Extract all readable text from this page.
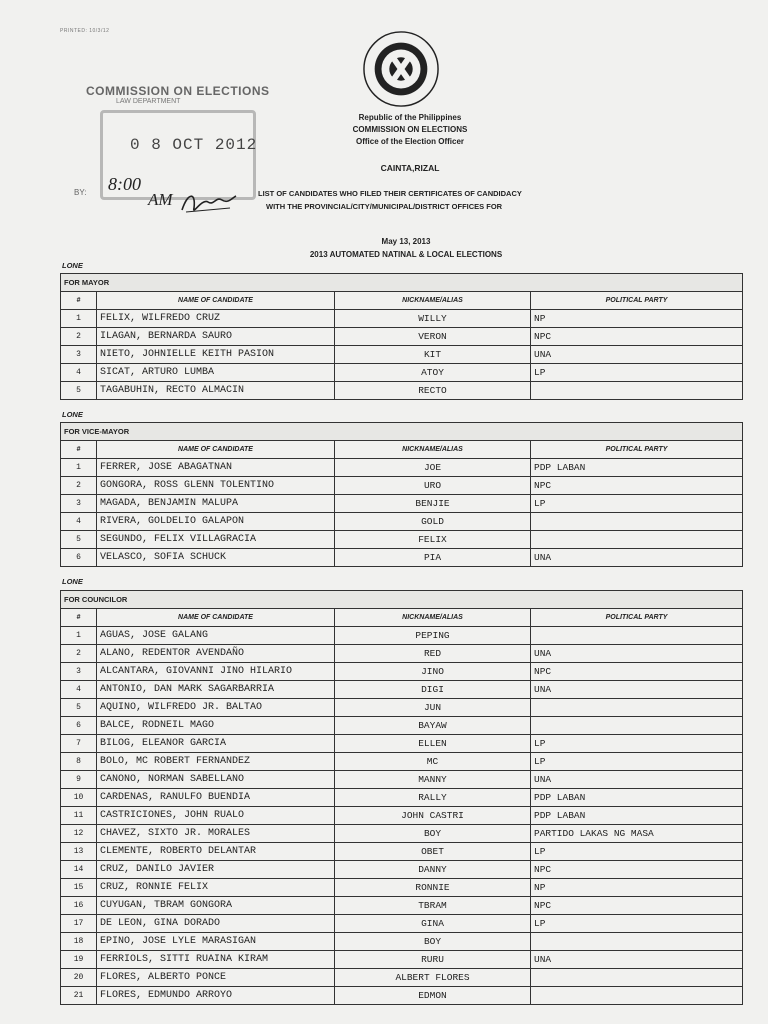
PRINTED: 10/3/12
Republic of the Philippines
COMMISSION ON ELECTIONS
Office of the Election Officer
CAINTA,RIZAL
COMMISSION ON ELECTIONS
LAW DEPARTMENT
0 8 OCT 2012
8:00
BY:	AM	LIST OF CANDIDATES WHO FILED THEIR CERTIFICATES OF CANDIDACY
WITH THE PROVINCIAL/CITY/MUNICIPAL/DISTRICT OFFICES FOR
May 13, 2013
2013 AUTOMATED NATINAL & LOCAL ELECTIONS
LONE
FOR MAYOR			
#	NAME OF CANDIDATE	NICKNAME/ALIAS	POLITICAL PARTY
1	FELIX, WILFREDO CRUZ	WILLY	NP
2	ILAGAN, BERNARDA SAURO	VERON	NPC
3	NIETO, JOHNIELLE KEITH PASION	KIT	UNA
4	SICAT, ARTURO LUMBA	ATOY	LP
5	TAGABUHIN, RECTO ALMACIN	RECTO	
LONE
FOR VICE-MAYOR			
#	NAME OF CANDIDATE	NICKNAME/ALIAS	POLITICAL PARTY
1	FERRER, JOSE ABAGATNAN	JOE	PDP LABAN
2	GONGORA, ROSS GLENN TOLENTINO	URO	NPC
3	MAGADA, BENJAMIN MALUPA	BENJIE	LP
4	RIVERA, GOLDELIO GALAPON	GOLD	
5	SEGUNDO, FELIX VILLAGRACIA	FELIX	
6	VELASCO, SOFIA SCHUCK	PIA	UNA
LONE
FOR COUNCILOR			
#	NAME OF CANDIDATE	NICKNAME/ALIAS	POLITICAL PARTY
1	AGUAS, JOSE GALANG	PEPING	
2	ALANO, REDENTOR AVENDAÑO	RED	UNA
3	ALCANTARA, GIOVANNI JINO HILARIO	JINO	NPC
4	ANTONIO, DAN MARK SAGARBARRIA	DIGI	UNA
5	AQUINO, WILFREDO JR. BALTAO	JUN	
6	BALCE, RODNEIL MAGO	BAYAW	
7	BILOG, ELEANOR GARCIA	ELLEN	LP
8	BOLO, MC ROBERT FERNANDEZ	MC	LP
9	CANONO, NORMAN SABELLANO	MANNY	UNA
10	CARDENAS, RANULFO BUENDIA	RALLY	PDP LABAN
11	CASTRICIONES, JOHN RUALO	JOHN CASTRI	PDP LABAN
12	CHAVEZ, SIXTO JR. MORALES	BOY	PARTIDO LAKAS NG MASA
13	CLEMENTE, ROBERTO DELANTAR	OBET	LP
14	CRUZ, DANILO JAVIER	DANNY	NPC
15	CRUZ, RONNIE FELIX	RONNIE	NP
16	CUYUGAN, TBRAM GONGORA	TBRAM	NPC
17	DE LEON, GINA DORADO	GINA	LP
18	EPINO, JOSE LYLE MARASIGAN	BOY	
19	FERRIOLS, SITTI RUAINA KIRAM	RURU	UNA
20	FLORES, ALBERTO PONCE	ALBERT FLORES	
21	FLORES, EDMUNDO ARROYO	EDMON	
